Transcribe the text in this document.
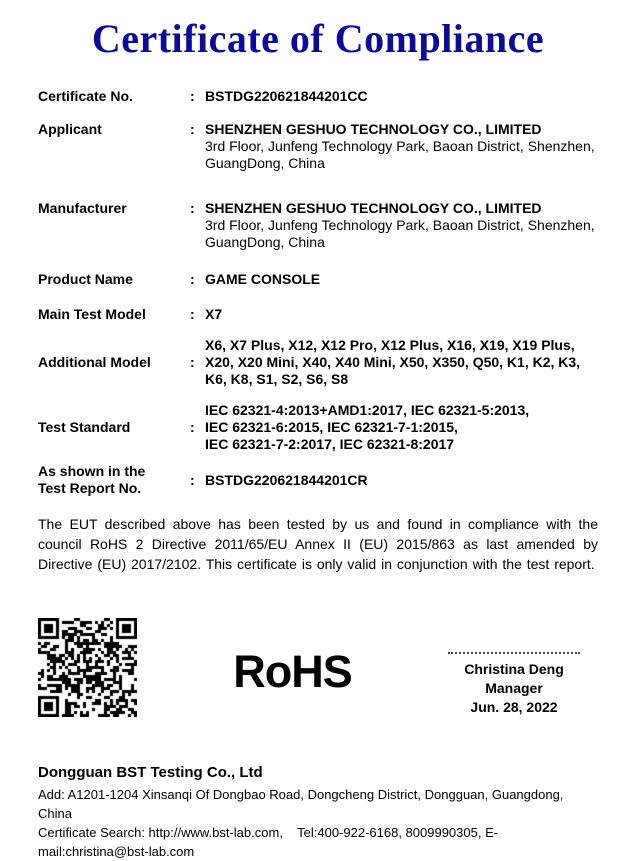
Certificate of Compliance
Certificate No.	: BSTDG220621844201CC
Applicant	: SHENZHEN GESHUO TECHNOLOGY CO., LIMITED
3rd Floor, Junfeng Technology Park, Baoan District, Shenzhen,
GuangDong, China
Manufacturer	: SHENZHEN GESHUO TECHNOLOGY CO., LIMITED
3rd Floor, Junfeng Technology Park, Baoan District, Shenzhen,
GuangDong, China
Product Name	: GAME CONSOLE
Main Test Model	: X7
Additional Model	:
X6, X7 Plus, X12, X12 Pro, X12 Plus, X16, X19, X19 Plus,
X20, X20 Mini, X40, X40 Mini, X50, X350, Q50, K1, K2, K3,
K6, K8, S1, S2, S6, S8
Test Standard	:
IEC 62321-4:2013+AMD1:2017, IEC 62321-5:2013,
IEC 62321-6:2015, IEC 62321-7-1:2015,
IEC 62321-7-2:2017, IEC 62321-8:2017
As shown in the
Test Report No.
: BSTDG220621844201CR

The EUT described above has been tested by us and found in compliance with the council RoHS 2 Directive 2011/65/EU Annex II (EU) 2015/863 as last amended by Directive (EU) 2017/2102. This certificate is only valid in conjunction with the test report.

RoHS	Christina Deng
Manager
Jun. 28, 2022
Dongguan BST Testing Co., Ltd
Add: A1201-1204 Xinsanqi Of Dongbao Road, Dongcheng District, Dongguan, Guangdong, China
Certificate Search: http://www.bst-lab.com,    Tel:400-922-6168, 8009990305, E-mail:christina@bst-lab.com
